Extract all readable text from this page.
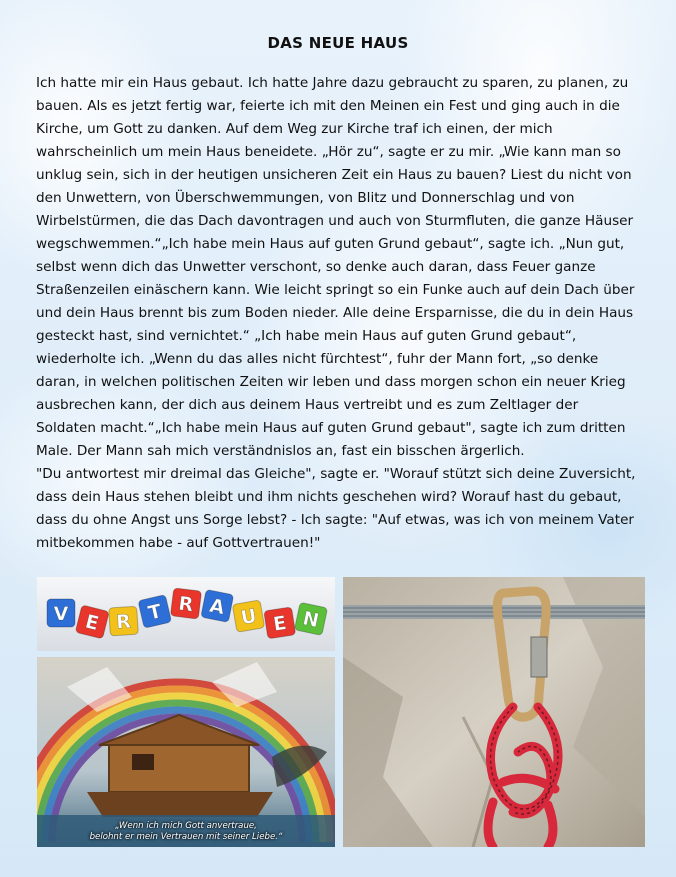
DAS NEUE HAUS

Ich hatte mir ein Haus gebaut. Ich hatte Jahre dazu gebraucht zu sparen, zu planen, zu bauen. Als es jetzt fertig war, feierte ich mit den Meinen ein Fest und ging auch in die Kirche, um Gott zu danken. Auf dem Weg zur Kirche traf ich einen, der mich wahrscheinlich um mein Haus beneidete. „Hör zu“, sagte er zu mir. „Wie kann man so unklug sein, sich in der heutigen unsicheren Zeit ein Haus zu bauen? Liest du nicht von den Unwettern, von Überschwemmungen, von Blitz und Donnerschlag und von Wirbelstürmen, die das Dach davontragen und auch von Sturmfluten, die ganze Häuser wegschwemmen.“„Ich habe mein Haus auf guten Grund gebaut“, sagte ich. „Nun gut, selbst wenn dich das Unwetter verschont, so denke auch daran, dass Feuer ganze Straßenzeilen einäschern kann. Wie leicht springt so ein Funke auch auf dein Dach über und dein Haus brennt bis zum Boden nieder. Alle deine Ersparnisse, die du in dein Haus gesteckt hast, sind vernichtet.“ „Ich habe mein Haus auf guten Grund gebaut“, wiederholte ich. „Wenn du das alles nicht fürchtest“, fuhr der Mann fort, „so denke daran, in welchen politischen Zeiten wir leben und dass morgen schon ein neuer Krieg ausbrechen kann, der dich aus deinem Haus vertreibt und es zum Zeltlager der Soldaten macht.“„Ich habe mein Haus auf guten Grund gebaut", sagte ich zum dritten Male. Der Mann sah mich verständnislos an, fast ein bisschen ärgerlich.

"Du antwortest mir dreimal das Gleiche", sagte er. "Worauf stützt sich deine Zuversicht, dass dein Haus stehen bleibt und ihm nichts geschehen wird? Worauf hast du gebaut, dass du ohne Angst uns Sorge lebst? - Ich sagte: "Auf etwas, was ich von meinem Vater mitbekommen habe - auf Gottvertrauen!"

V E R T R A U E N
„Wenn ich mich Gott anvertraue,
belohnt er mein Vertrauen mit seiner Liebe.“
